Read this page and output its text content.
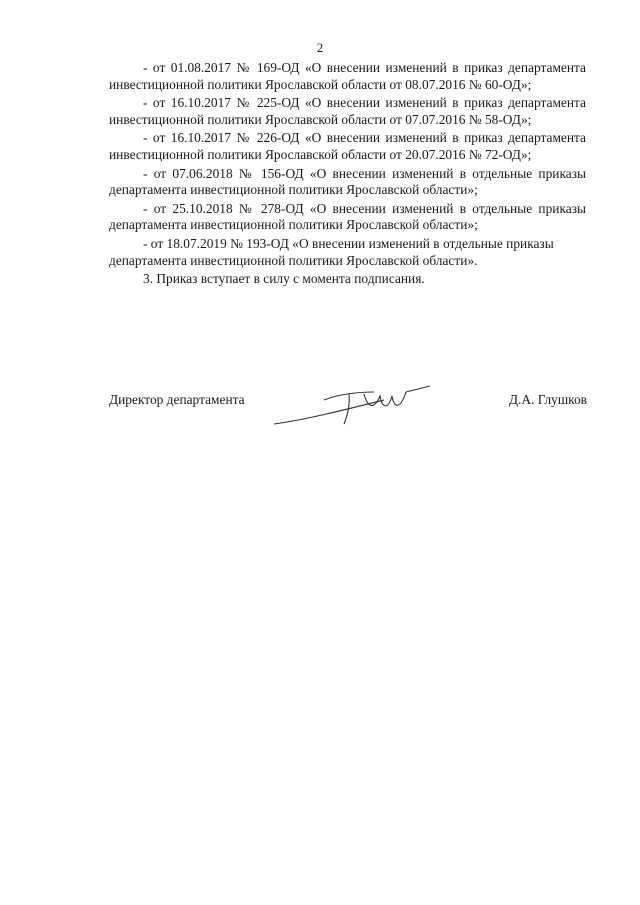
2

- от 01.08.2017 № 169-ОД «О внесении изменений в приказ департамента инвестиционной политики Ярославской области от 08.07.2016 № 60-ОД»;

- от 16.10.2017 № 225-ОД «О внесении изменений в приказ департамента инвестиционной политики Ярославской области от 07.07.2016 № 58-ОД»;

- от 16.10.2017 № 226-ОД «О внесении изменений в приказ департамента инвестиционной политики Ярославской области от 20.07.2016 № 72-ОД»;

- от 07.06.2018 № 156-ОД «О внесении изменений в отдельные приказы департамента инвестиционной политики Ярославской области»;

- от 25.10.2018 № 278-ОД «О внесении изменений в отдельные приказы департамента инвестиционной политики Ярославской области»;

- от 18.07.2019 № 193-ОД «О внесении изменений в отдельные приказы департамента инвестиционной политики Ярославской области».

3. Приказ вступает в силу с момента подписания.

Директор департамента	Д.А. Глушков
